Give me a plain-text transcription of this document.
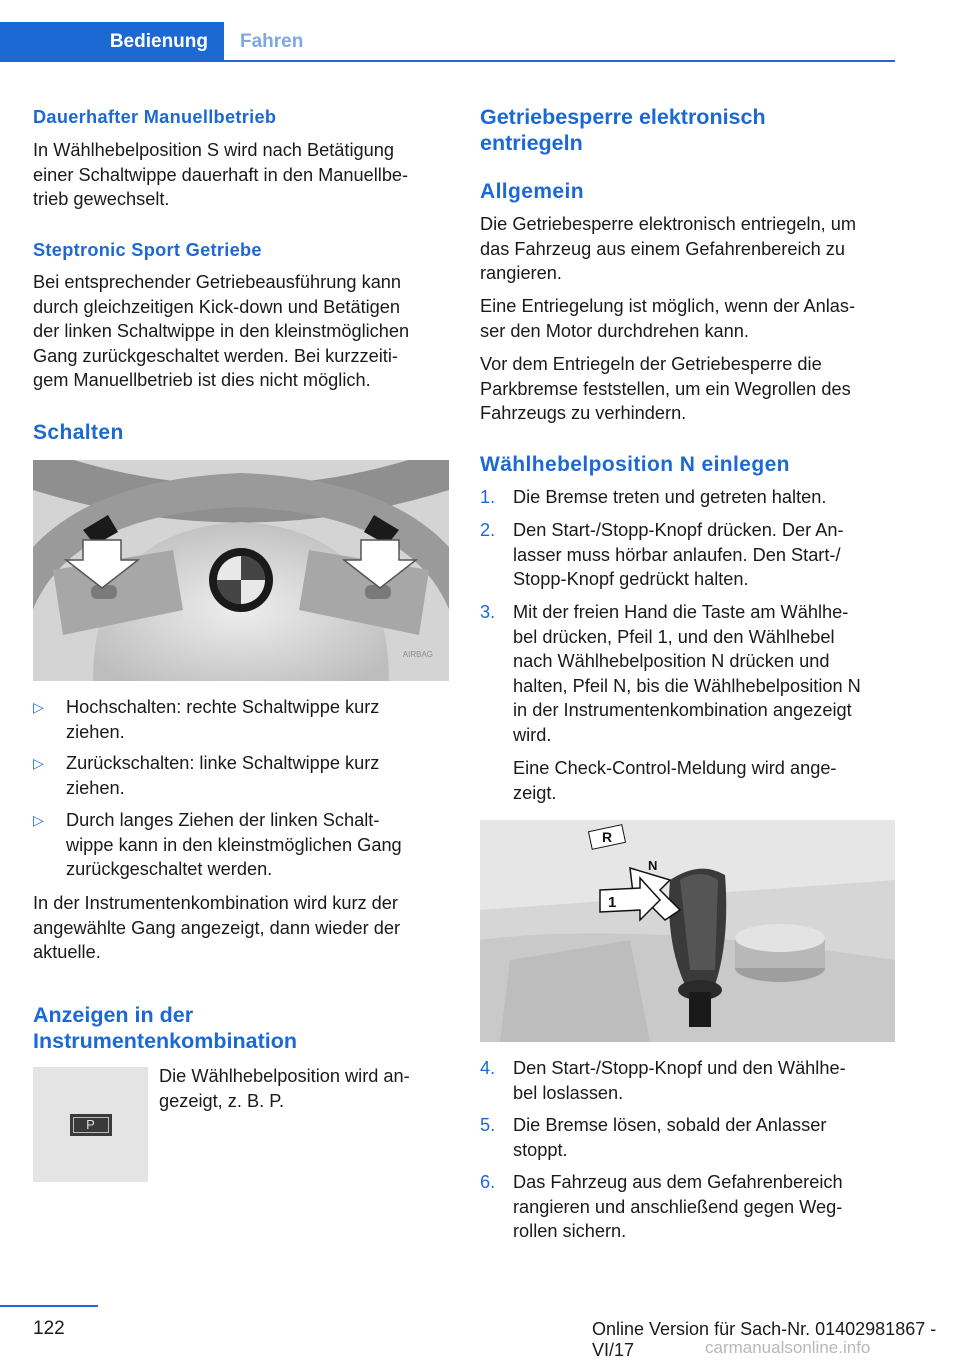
Bedienung	Fahren
Dauerhafter Manuellbetrieb
In Wählhebelposition S wird nach Betätigung
einer Schaltwippe dauerhaft in den Manuellbe‐
trieb gewechselt.
Steptronic Sport Getriebe
Bei entsprechender Getriebeausführung kann
durch gleichzeitigen Kick-down und Betätigen
der linken Schaltwippe in den kleinstmöglichen
Gang zurückgeschaltet werden. Bei kurzzeiti‐
gem Manuellbetrieb ist dies nicht möglich.
Schalten
AIRBAG
▷	Hochschalten: rechte Schaltwippe kurz
ziehen.
▷	Zurückschalten: linke Schaltwippe kurz
ziehen.
▷	Durch langes Ziehen der linken Schalt‐
wippe kann in den kleinstmöglichen Gang
zurückgeschaltet werden.
In der Instrumentenkombination wird kurz der
angewählte Gang angezeigt, dann wieder der
aktuelle.
Anzeigen in der
Instrumentenkombination
P
Die Wählhebelposition wird an‐
gezeigt, z. B. P.
Getriebesperre elektronisch
entriegeln
Allgemein
Die Getriebesperre elektronisch entriegeln, um
das Fahrzeug aus einem Gefahrenbereich zu
rangieren.
Eine Entriegelung ist möglich, wenn der Anlas‐
ser den Motor durchdrehen kann.
Vor dem Entriegeln der Getriebesperre die
Parkbremse feststellen, um ein Wegrollen des
Fahrzeugs zu verhindern.
Wählhebelposition N einlegen
1. Die Bremse treten und getreten halten.
2. Den Start-/Stopp-Knopf drücken. Der An‐
lasser muss hörbar anlaufen. Den Start-/
Stopp-Knopf gedrückt halten.
3. Mit der freien Hand die Taste am Wählhe‐
bel drücken, Pfeil 1, und den Wählhebel
nach Wählhebelposition N drücken und
halten, Pfeil N, bis die Wählhebelposition N
in der Instrumentenkombination angezeigt
wird.
Eine Check-Control-Meldung wird ange‐
zeigt.
R
N
1
4. Den Start-/Stopp-Knopf und den Wählhe‐
bel loslassen.
5. Die Bremse lösen, sobald der Anlasser
stoppt.
6. Das Fahrzeug aus dem Gefahrenbereich
rangieren und anschließend gegen Weg‐
rollen sichern.
122	Online Version für Sach-Nr. 01402981867 - VI/17	carmanualsonline.info
